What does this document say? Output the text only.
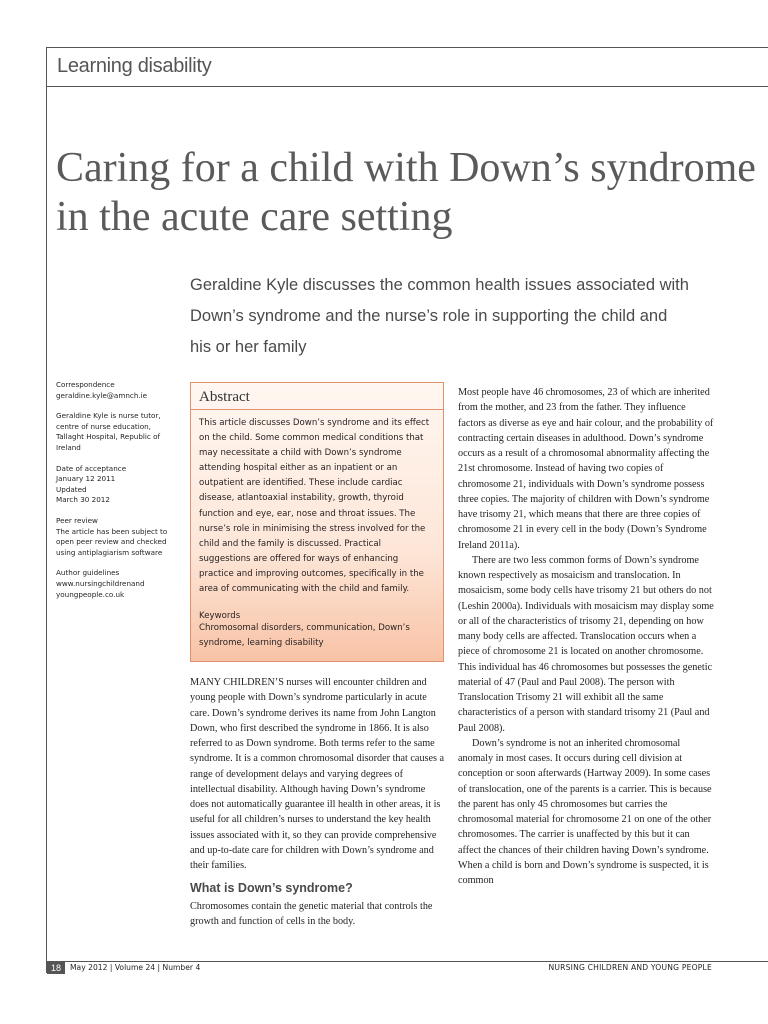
Learning disability
Caring for a child with Down’s syndrome in the acute care setting
Geraldine Kyle discusses the common health issues associated with Down’s syndrome and the nurse’s role in supporting the child and his or her family
Correspondence
geraldine.kyle@amnch.ie
Geraldine Kyle is nurse tutor, centre of nurse education, Tallaght Hospital, Republic of Ireland
Date of acceptance
January 12 2011
Updated
March 30 2012
Peer review
The article has been subject to open peer review and checked using antiplagiarism software
Author guidelines
www.nursingchildrenand youngpeople.co.uk
Abstract
This article discusses Down’s syndrome and its effect on the child. Some common medical conditions that may necessitate a child with Down’s syndrome attending hospital either as an inpatient or an outpatient are identified. These include cardiac disease, atlantoaxial instability, growth, thyroid function and eye, ear, nose and throat issues. The nurse’s role in minimising the stress involved for the child and the family is discussed. Practical suggestions are offered for ways of enhancing practice and improving outcomes, specifically in the area of communicating with the child and family.
Keywords
Chromosomal disorders, communication, Down’s syndrome, learning disability

MANY CHILDREN’S nurses will encounter children and young people with Down’s syndrome particularly in acute care. Down’s syndrome derives its name from John Langton Down, who first described the syndrome in 1866. It is also referred to as Down syndrome. Both terms refer to the same syndrome. It is a common chromosomal disorder that causes a range of development delays and varying degrees of intellectual disability. Although having Down’s syndrome does not automatically guarantee ill health in other areas, it is useful for all children’s nurses to understand the key health issues associated with it, so they can provide comprehensive and up-to-date care for children with Down’s syndrome and their families.

What is Down’s syndrome?

Chromosomes contain the genetic material that controls the growth and function of cells in the body.

Most people have 46 chromosomes, 23 of which are inherited from the mother, and 23 from the father. They influence factors as diverse as eye and hair colour, and the probability of contracting certain diseases in adulthood. Down’s syndrome occurs as a result of a chromosomal abnormality affecting the 21st chromosome. Instead of having two copies of chromosome 21, individuals with Down’s syndrome possess three copies. The majority of children with Down’s syndrome have trisomy 21, which means that there are three copies of chromosome 21 in every cell in the body (Down’s Syndrome Ireland 2011a).

There are two less common forms of Down’s syndrome known respectively as mosaicism and translocation. In mosaicism, some body cells have trisomy 21 but others do not (Leshin 2000a). Individuals with mosaicism may display some or all of the characteristics of trisomy 21, depending on how many body cells are affected. Translocation occurs when a piece of chromosome 21 is located on another chromosome. This individual has 46 chromosomes but possesses the genetic material of 47 (Paul and Paul 2008). The person with Translocation Trisomy 21 will exhibit all the same characteristics of a person with standard trisomy 21 (Paul and Paul 2008).

Down’s syndrome is not an inherited chromosomal anomaly in most cases. It occurs during cell division at conception or soon afterwards (Hartway 2009). In some cases of translocation, one of the parents is a carrier. This is because the parent has only 45 chromosomes but carries the chromosomal material for chromosome 21 on one of the other chromosomes. The carrier is unaffected by this but it can affect the chances of their children having Down’s syndrome. When a child is born and Down’s syndrome is suspected, it is common

18	May 2012 | Volume 24 | Number 4	NURSING CHILDREN AND YOUNG PEOPLE
